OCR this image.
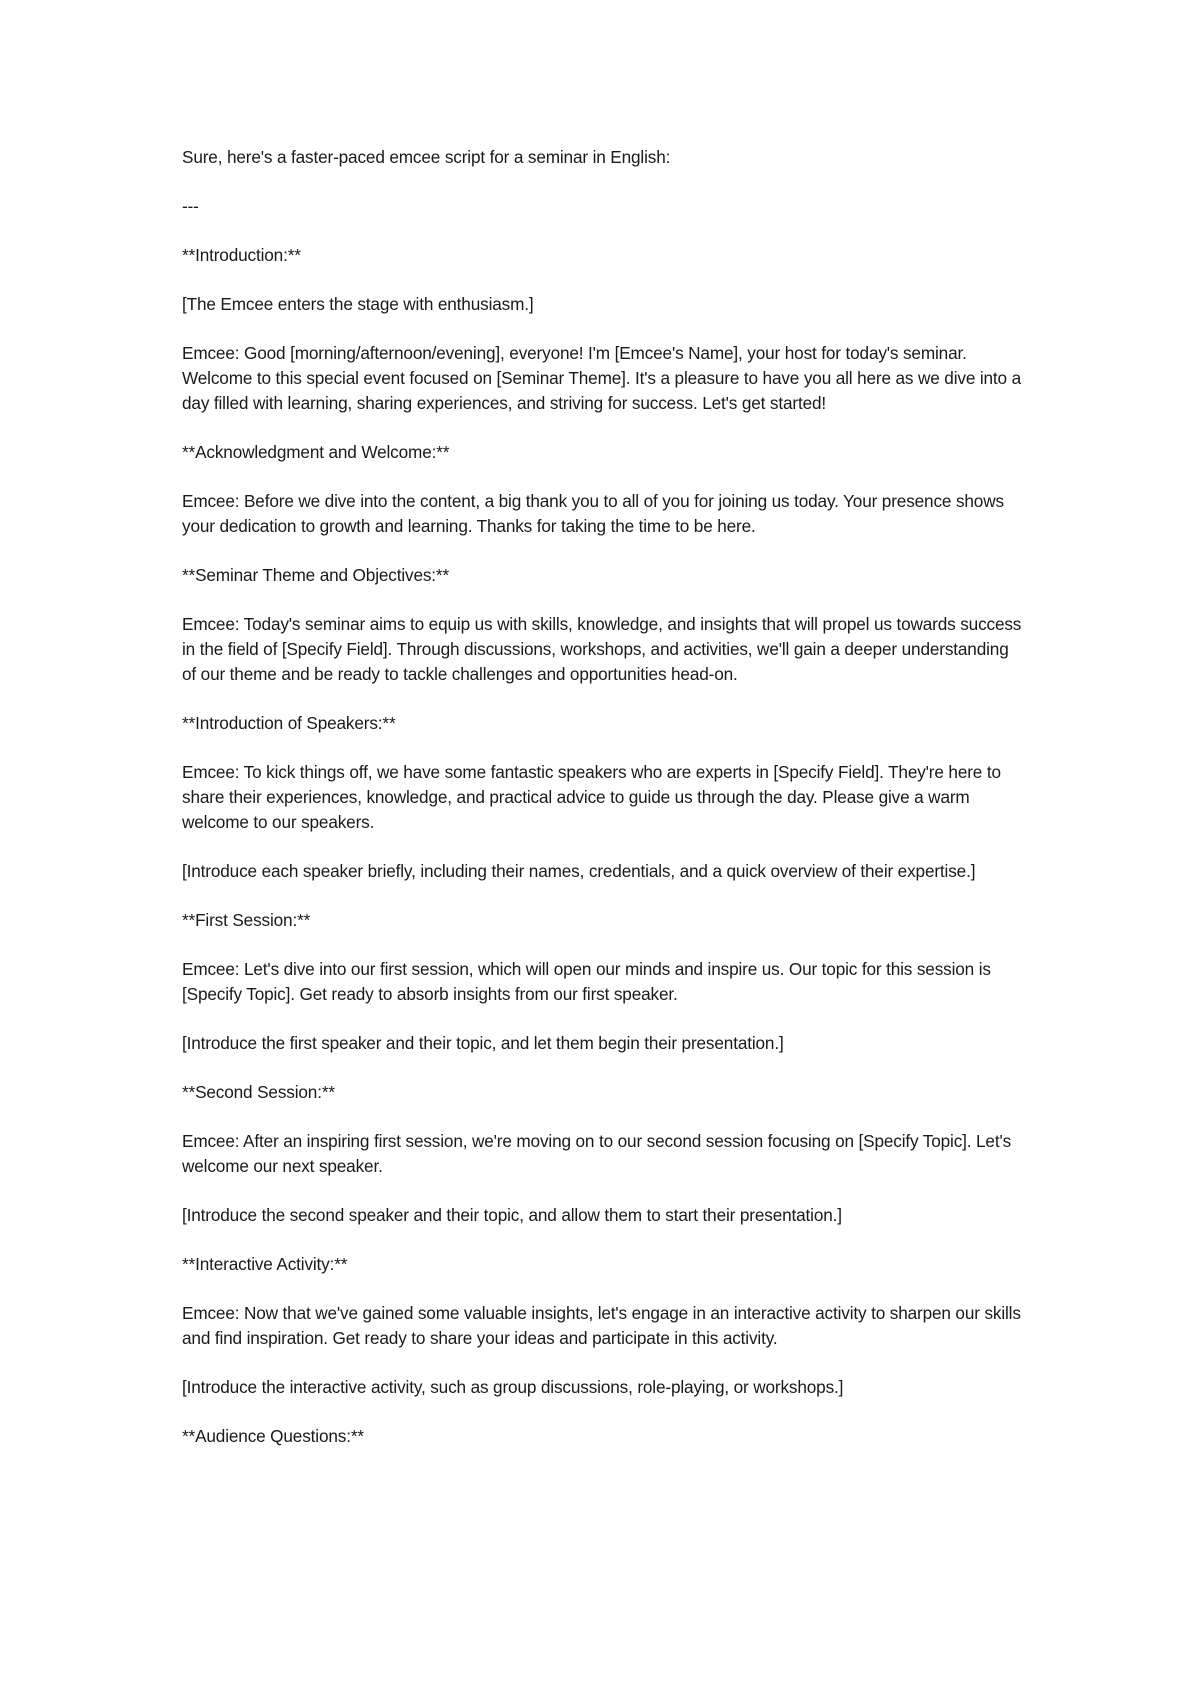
Sure, here's a faster-paced emcee script for a seminar in English:

---

**Introduction:**

[The Emcee enters the stage with enthusiasm.]

Emcee: Good [morning/afternoon/evening], everyone! I'm [Emcee's Name], your host for today's seminar. Welcome to this special event focused on [Seminar Theme]. It's a pleasure to have you all here as we dive into a day filled with learning, sharing experiences, and striving for success. Let's get started!

**Acknowledgment and Welcome:**

Emcee: Before we dive into the content, a big thank you to all of you for joining us today. Your presence shows your dedication to growth and learning. Thanks for taking the time to be here.

**Seminar Theme and Objectives:**

Emcee: Today's seminar aims to equip us with skills, knowledge, and insights that will propel us towards success in the field of [Specify Field]. Through discussions, workshops, and activities, we'll gain a deeper understanding of our theme and be ready to tackle challenges and opportunities head-on.

**Introduction of Speakers:**

Emcee: To kick things off, we have some fantastic speakers who are experts in [Specify Field]. They're here to share their experiences, knowledge, and practical advice to guide us through the day. Please give a warm welcome to our speakers.

[Introduce each speaker briefly, including their names, credentials, and a quick overview of their expertise.]

**First Session:**

Emcee: Let's dive into our first session, which will open our minds and inspire us. Our topic for this session is [Specify Topic]. Get ready to absorb insights from our first speaker.

[Introduce the first speaker and their topic, and let them begin their presentation.]

**Second Session:**

Emcee: After an inspiring first session, we're moving on to our second session focusing on [Specify Topic]. Let's welcome our next speaker.

[Introduce the second speaker and their topic, and allow them to start their presentation.]

**Interactive Activity:**

Emcee: Now that we've gained some valuable insights, let's engage in an interactive activity to sharpen our skills and find inspiration. Get ready to share your ideas and participate in this activity.

[Introduce the interactive activity, such as group discussions, role-playing, or workshops.]

**Audience Questions:**
